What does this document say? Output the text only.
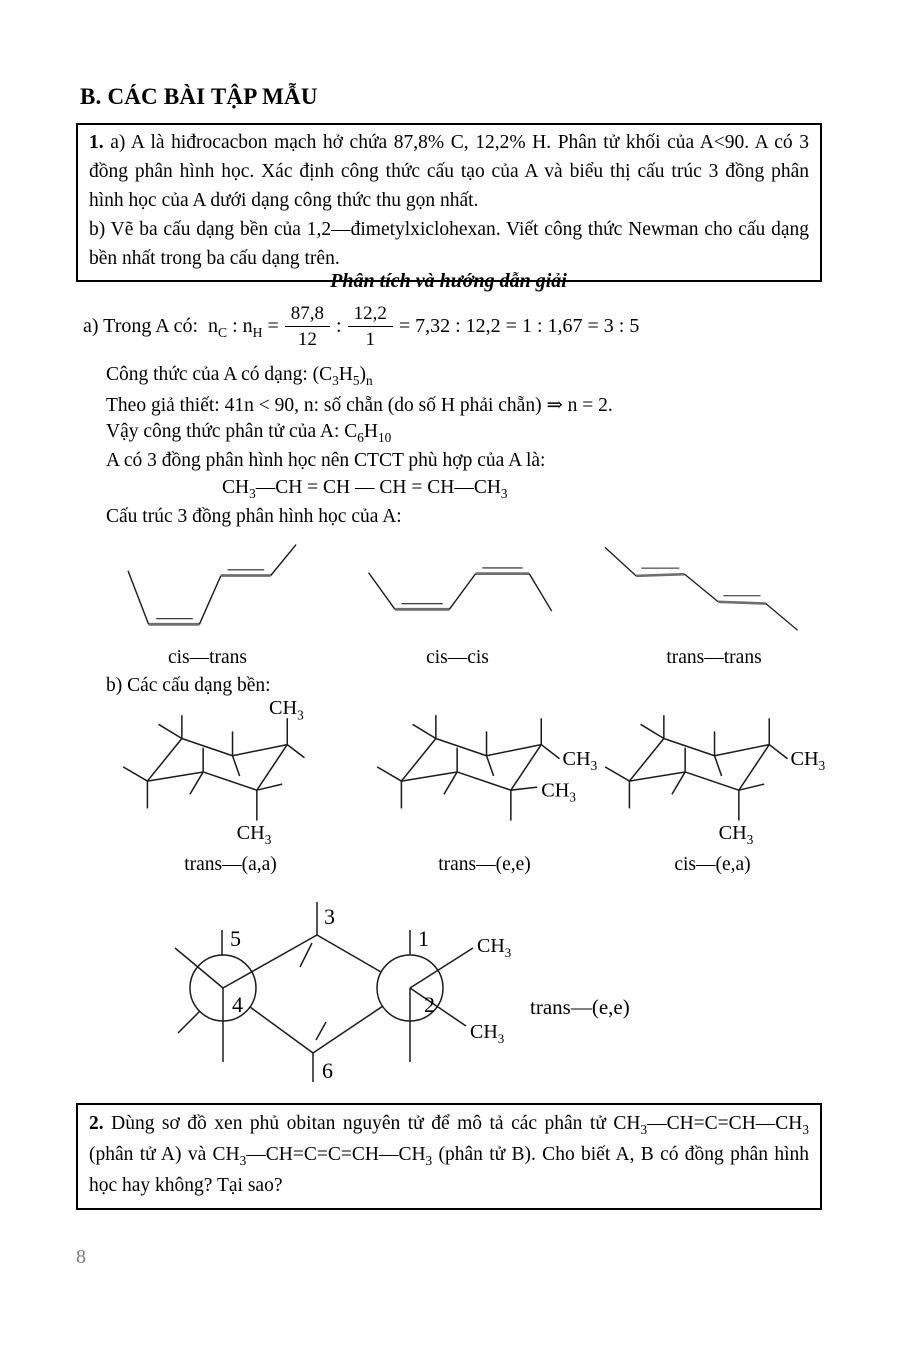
B. CÁC BÀI TẬP MẪU

1. a) A là hiđrocacbon mạch hở chứa 87,8% C, 12,2% H. Phân tử khối của A<90. A có 3 đồng phân hình học. Xác định công thức cấu tạo của A và biểu thị cấu trúc 3 đồng phân hình học của A dưới dạng công thức thu gọn nhất.

b) Vẽ ba cấu dạng bền của 1,2—đimetylxiclohexan. Viết công thức Newman cho cấu dạng bền nhất trong ba cấu dạng trên.

Phân tích và hướng dẫn giải
a) Trong A có: $n_C$ : $n_H = \frac{87,8}{12}$ : $\frac{12,2}{1} = 7,32$ : 12,2 = 1 : 1,67 = 3 : 5
Công thức của A có dạng: $(C_3H_5)_n$
Theo giả thiết: 41n < 90, n: số chẵn (do số H phải chẵn) ⇒ n = 2.
Vậy công thức phân tử của A: $C_6H_{10}$
A có 3 đồng phân hình học nên CTCT phù hợp của A là:
$CH_3—CH$ = CH — CH = $CH—CH_3$
Cấu trúc 3 đồng phân hình học của A:
cis—trans	cis—cis	trans—trans
b) Các cấu dạng bền:
$CH_3$
$CH_3$
trans—(a,a)
$CH_3$
$CH_3$
trans—(e,e)
$CH_3$
$CH_3$
cis—(e,a)
5	1
4	2
3
6
$CH_3$
$CH_3$
trans—(e,e)

2. Dùng sơ đồ xen phủ obitan nguyên tử để mô tả các phân tử $CH_3—CH=C=CH—CH_3$ (phân tử A) và $CH_3—CH=C=C=CH—CH_3$ (phân tử B). Cho biết A, B có đồng phân hình học hay không? Tại sao?

8
